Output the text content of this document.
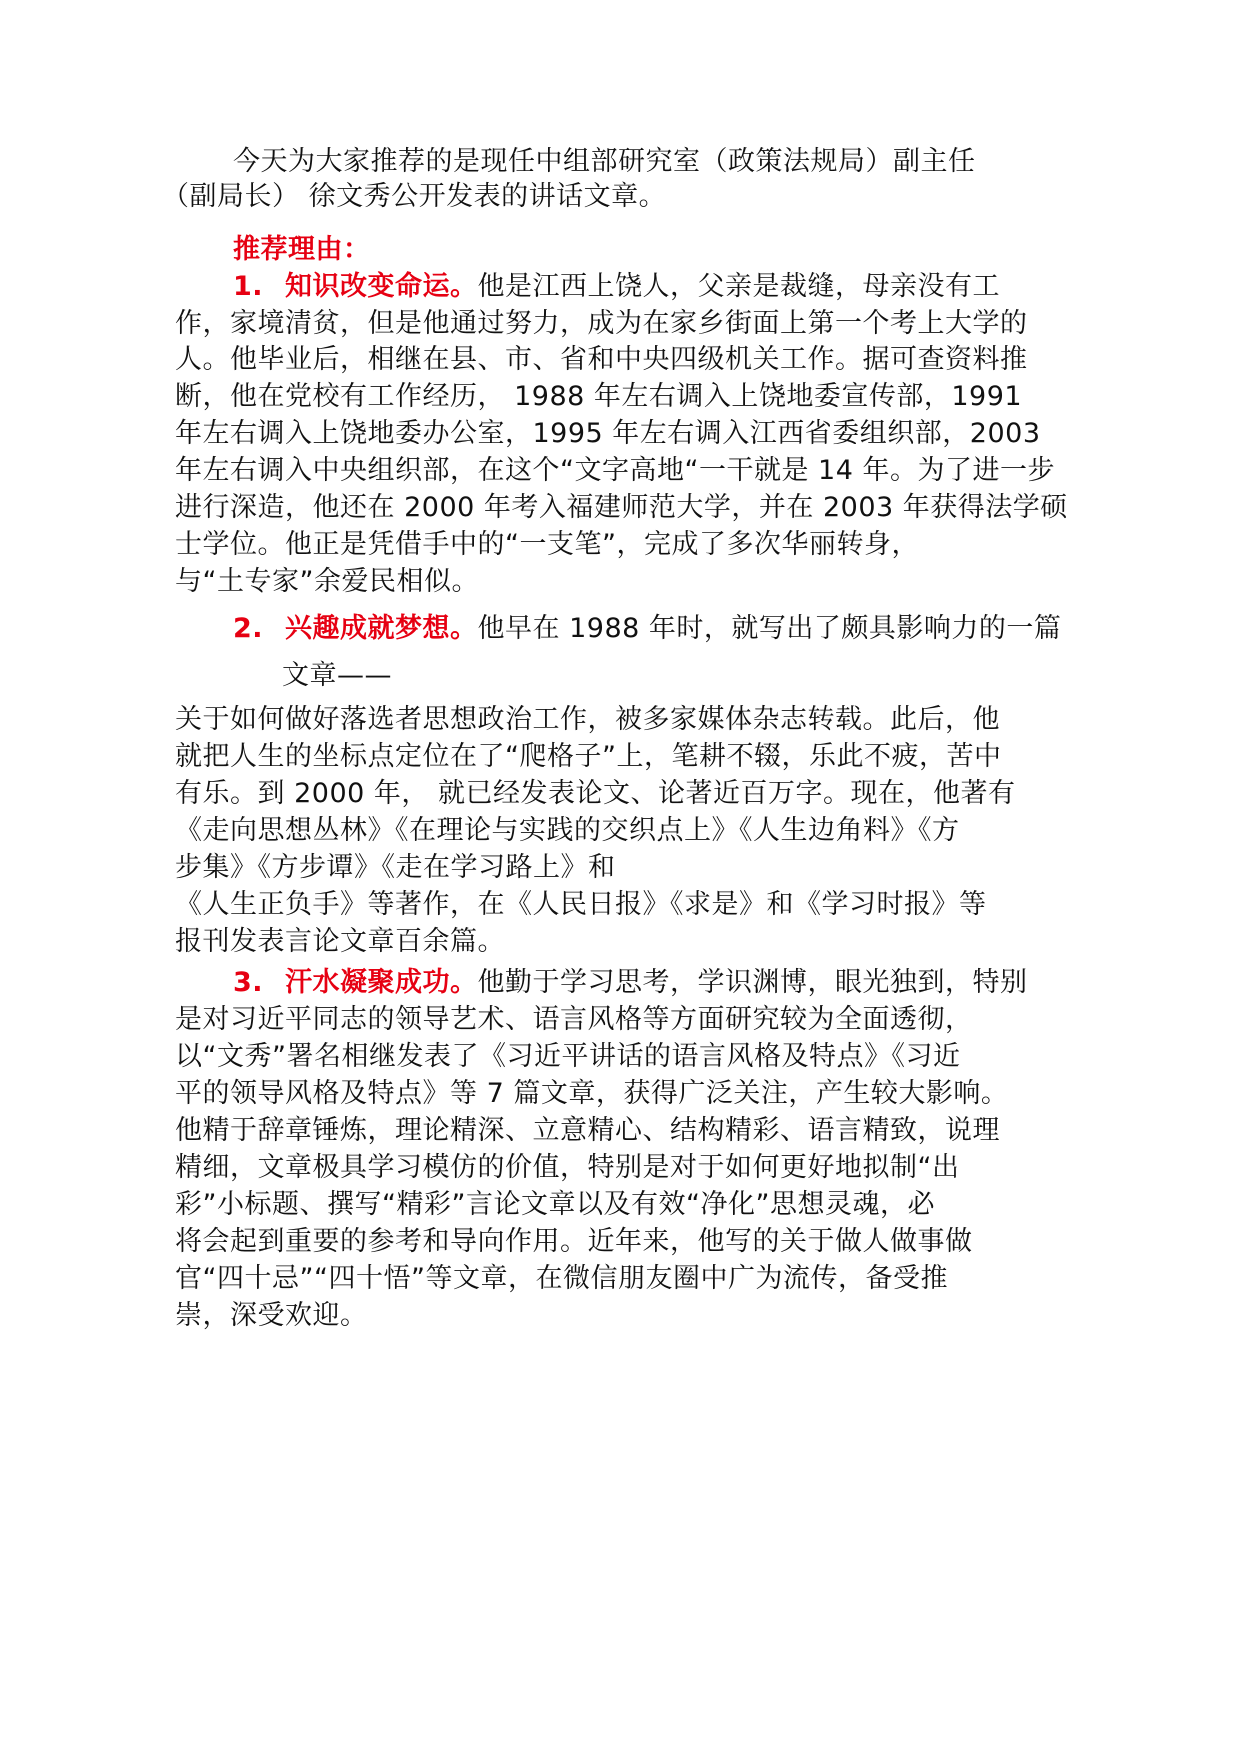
今天为大家推荐的是现任中组部研究室（政策法规局）副主任
（副局长） 徐文秀公开发表的讲话文章。
推荐理由：
1. 知识改变命运。他是江西上饶人，父亲是裁缝，母亲没有工
作，家境清贫，但是他通过努力，成为在家乡街面上第一个考上大学的
人。他毕业后，相继在县、市、省和中央四级机关工作。据可查资料推
断，他在党校有工作经历， 1988 年左右调入上饶地委宣传部，1991
年左右调入上饶地委办公室，1995 年左右调入江西省委组织部，2003
年左右调入中央组织部，在这个“文字高地“一干就是 14 年。为了进一步
进行深造，他还在 2000 年考入福建师范大学，并在 2003 年获得法学硕
士学位。他正是凭借手中的“一支笔”，完成了多次华丽转身，
与“土专家”余爱民相似。
2. 兴趣成就梦想。他早在 1988 年时，就写出了颇具影响力的一篇
文章——
关于如何做好落选者思想政治工作，被多家媒体杂志转载。此后，他
就把人生的坐标点定位在了“爬格子”上，笔耕不辍，乐此不疲，苦中
有乐。到 2000 年， 就已经发表论文、论著近百万字。现在，他著有
《走向思想丛林》《在理论与实践的交织点上》《人生边角料》《方
步集》《方步谭》《走在学习路上》和
《人生正负手》等著作，在《人民日报》《求是》和《学习时报》等
报刊发表言论文章百余篇。
3. 汗水凝聚成功。他勤于学习思考，学识渊博，眼光独到，特别
是对习近平同志的领导艺术、语言风格等方面研究较为全面透彻，
以“文秀”署名相继发表了《习近平讲话的语言风格及特点》《习近
平的领导风格及特点》等 7 篇文章，获得广泛关注，产生较大影响。
他精于辞章锤炼，理论精深、立意精心、结构精彩、语言精致，说理
精细，文章极具学习模仿的价值，特别是对于如何更好地拟制“出
彩”小标题、撰写“精彩”言论文章以及有效“净化”思想灵魂，必
将会起到重要的参考和导向作用。近年来，他写的关于做人做事做
官“四十忌”“四十悟”等文章，在微信朋友圈中广为流传，备受推
崇，深受欢迎。
